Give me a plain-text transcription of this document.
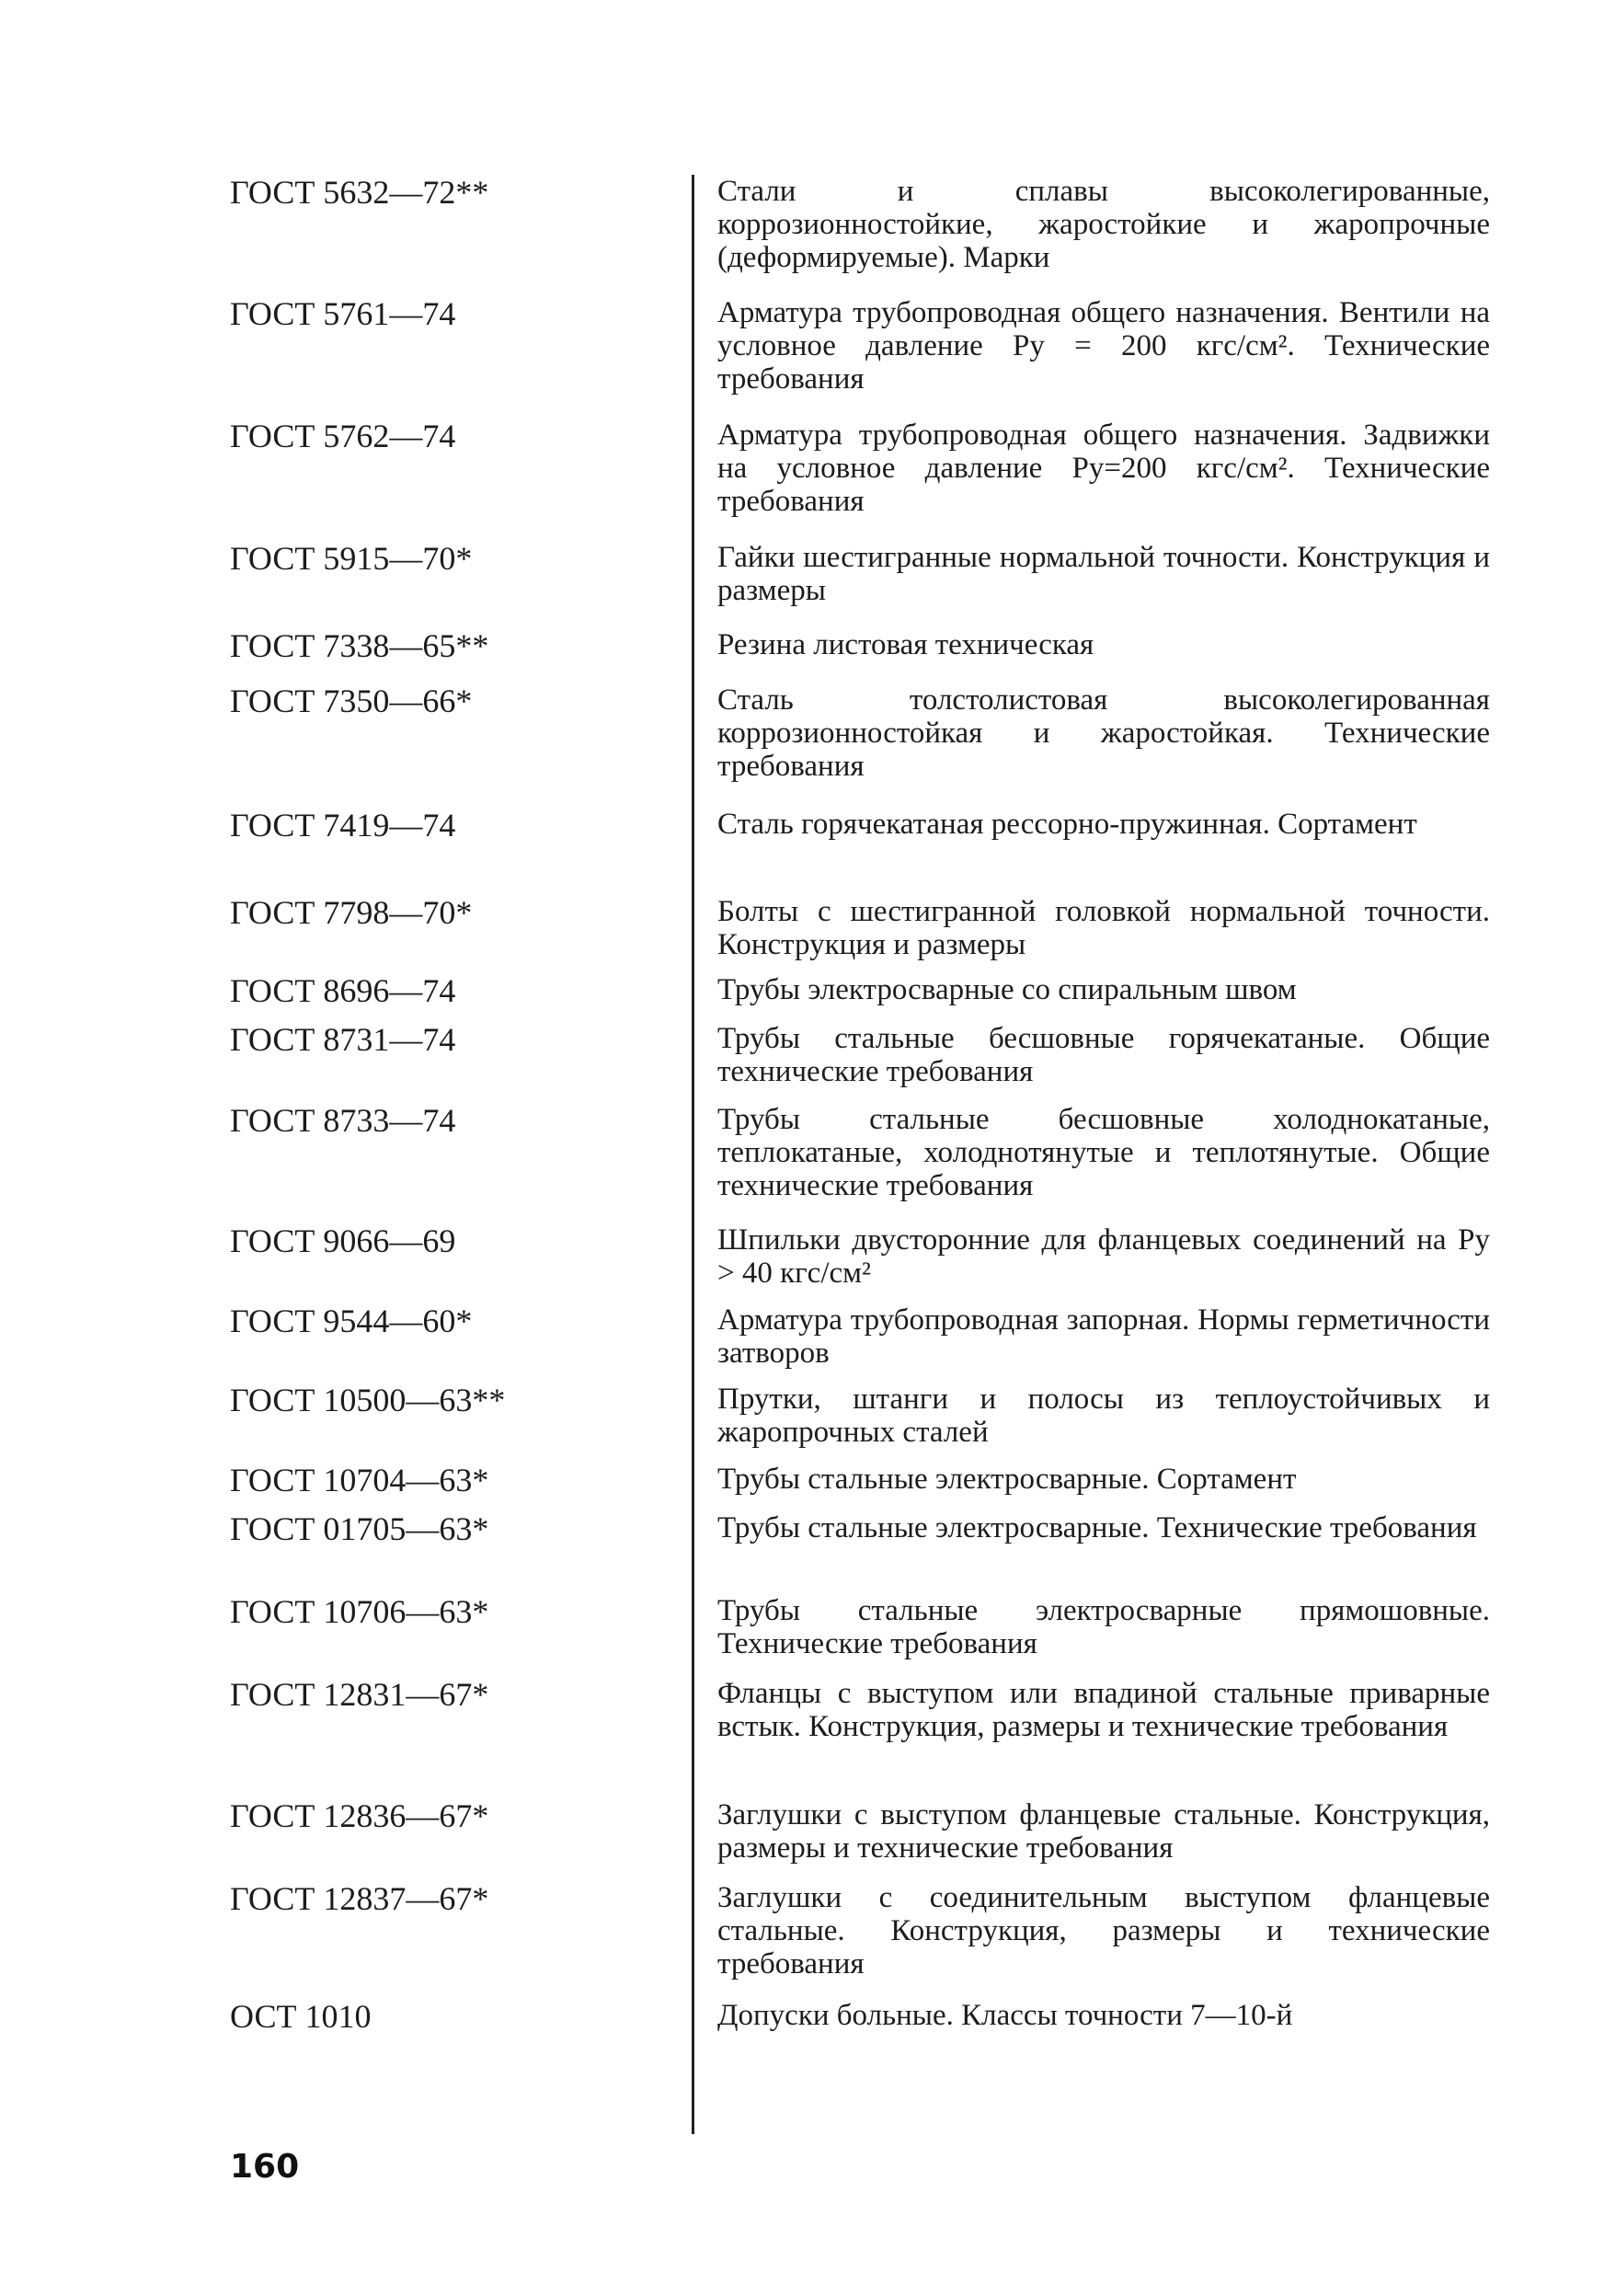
ГОСТ 5632—72**	Стали и сплавы высоколегированные, коррозионностойкие, жаростойкие и жаропрочные (деформируемые). Марки
ГОСТ 5761—74	Арматура трубопроводная общего назначения. Вентили на условное давление Pу = 200 кгс/см². Технические требования
ГОСТ 5762—74	Арматура трубопроводная общего назначения. Задвижки на условное давление Pу=200 кгс/см². Технические требования
ГОСТ 5915—70*	Гайки шестигранные нормальной точности. Конструкция и размеры
ГОСТ 7338—65**	Резина листовая техническая
ГОСТ 7350—66*	Сталь толстолистовая высоколегированная коррозионностойкая и жаростойкая. Технические требования
ГОСТ 7419—74	Сталь горячекатаная рессорно-пружинная. Сортамент
ГОСТ 7798—70*	Болты с шестигранной головкой нормальной точности. Конструкция и размеры
ГОСТ 8696—74	Трубы электросварные со спиральным швом
ГОСТ 8731—74	Трубы стальные бесшовные горячекатаные. Общие технические требования
ГОСТ 8733—74	Трубы стальные бесшовные холоднокатаные, теплокатаные, холоднотянутые и теплотянутые. Общие технические требования
ГОСТ 9066—69	Шпильки двусторонние для фланцевых соединений на Pу > 40 кгс/см²
ГОСТ 9544—60*	Арматура трубопроводная запорная. Нормы герметичности затворов
ГОСТ 10500—63**	Прутки, штанги и полосы из теплоустойчивых и жаропрочных сталей
ГОСТ 10704—63*	Трубы стальные электросварные. Сортамент
ГОСТ 01705—63*	Трубы стальные электросварные. Технические требования
ГОСТ 10706—63*	Трубы стальные электросварные прямошовные. Технические требования
ГОСТ 12831—67*	Фланцы с выступом или впадиной стальные приварные встык. Конструкция, размеры и технические требования
ГОСТ 12836—67*	Заглушки с выступом фланцевые стальные. Конструкция, размеры и технические требования
ГОСТ 12837—67*	Заглушки с соединительным выступом фланцевые стальные. Конструкция, размеры и технические требования
ОСТ 1010	Допуски больные. Классы точности 7—10-й
160
